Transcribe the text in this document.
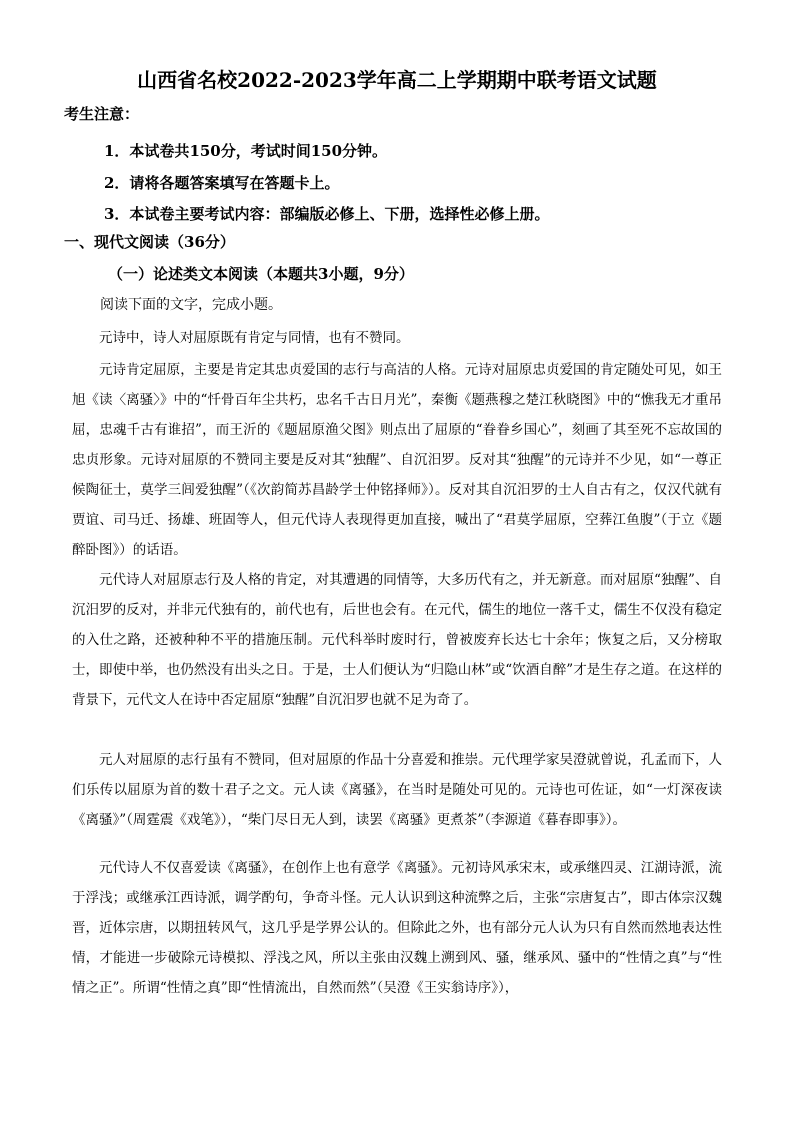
山西省名校2022-2023学年高二上学期期中联考语文试题
考生注意：
1．本试卷共150分，考试时间150分钟。
2．请将各题答案填写在答题卡上。
3．本试卷主要考试内容：部编版必修上、下册，选择性必修上册。
一、现代文阅读（36分）
（一）论述类文本阅读（本题共3小题，9分）
阅读下面的文字，完成小题。

元诗中，诗人对屈原既有肯定与同情，也有不赞同。

元诗肯定屈原，主要是肯定其忠贞爱国的志行与高洁的人格。元诗对屈原忠贞爱国的肯定随处可见，如王旭《读〈离骚〉》中的“忏骨百年尘共朽，忠名千古日月光”，秦衡《题燕穆之楚江秋晓图》中的“憔我无才重吊屈，忠魂千古有谁招”，而王沂的《题屈原渔父图》则点出了屈原的“眷眷乡国心”，刻画了其至死不忘故国的忠贞形象。元诗对屈原的不赞同主要是反对其“独醒”、自沉汨罗。反对其“独醒”的元诗并不少见，如“一尊正候陶征士，莫学三闾爱独醒”（《次韵简苏昌龄学士仲铭择师》）。反对其自沉汨罗的士人自古有之，仅汉代就有贾谊、司马迁、扬雄、班固等人，但元代诗人表现得更加直接，喊出了“君莫学屈原，空葬江鱼腹”（于立《题醉卧图》）的话语。

元代诗人对屈原志行及人格的肯定，对其遭遇的同情等，大多历代有之，并无新意。而对屈原“独醒”、自沉汨罗的反对，并非元代独有的，前代也有，后世也会有。在元代，儒生的地位一落千丈，儒生不仅没有稳定的入仕之路，还被种种不平的措施压制。元代科举时废时行，曾被废弃长达七十余年；恢复之后，又分榜取士，即使中举，也仍然没有出头之日。于是，士人们便认为“归隐山林”或“饮酒自醉”才是生存之道。在这样的背景下，元代文人在诗中否定屈原“独醒”自沉汨罗也就不足为奇了。

元人对屈原的志行虽有不赞同，但对屈原的作品十分喜爱和推崇。元代理学家吴澄就曾说，孔孟而下，人们乐传以屈原为首的数十君子之文。元人读《离骚》，在当时是随处可见的。元诗也可佐证，如“一灯深夜读《离骚》”（周霆震《戏笔》），“柴门尽日无人到，读罢《离骚》更煮茶”（李源道《暮春即事》）。

元代诗人不仅喜爱读《离骚》，在创作上也有意学《离骚》。元初诗风承宋末，或承继四灵、江湖诗派，流于浮浅；或继承江西诗派，调学酌句，争奇斗怪。元人认识到这种流弊之后，主张“宗唐复古”，即古体宗汉魏晋，近体宗唐，以期扭转风气，这几乎是学界公认的。但除此之外，也有部分元人认为只有自然而然地表达性情，才能进一步破除元诗模拟、浮浅之风，所以主张由汉魏上溯到风、骚，继承风、骚中的“性情之真”与“性情之正”。所谓“性情之真”即“性情流出，自然而然”（吴澄《王实翁诗序》），
